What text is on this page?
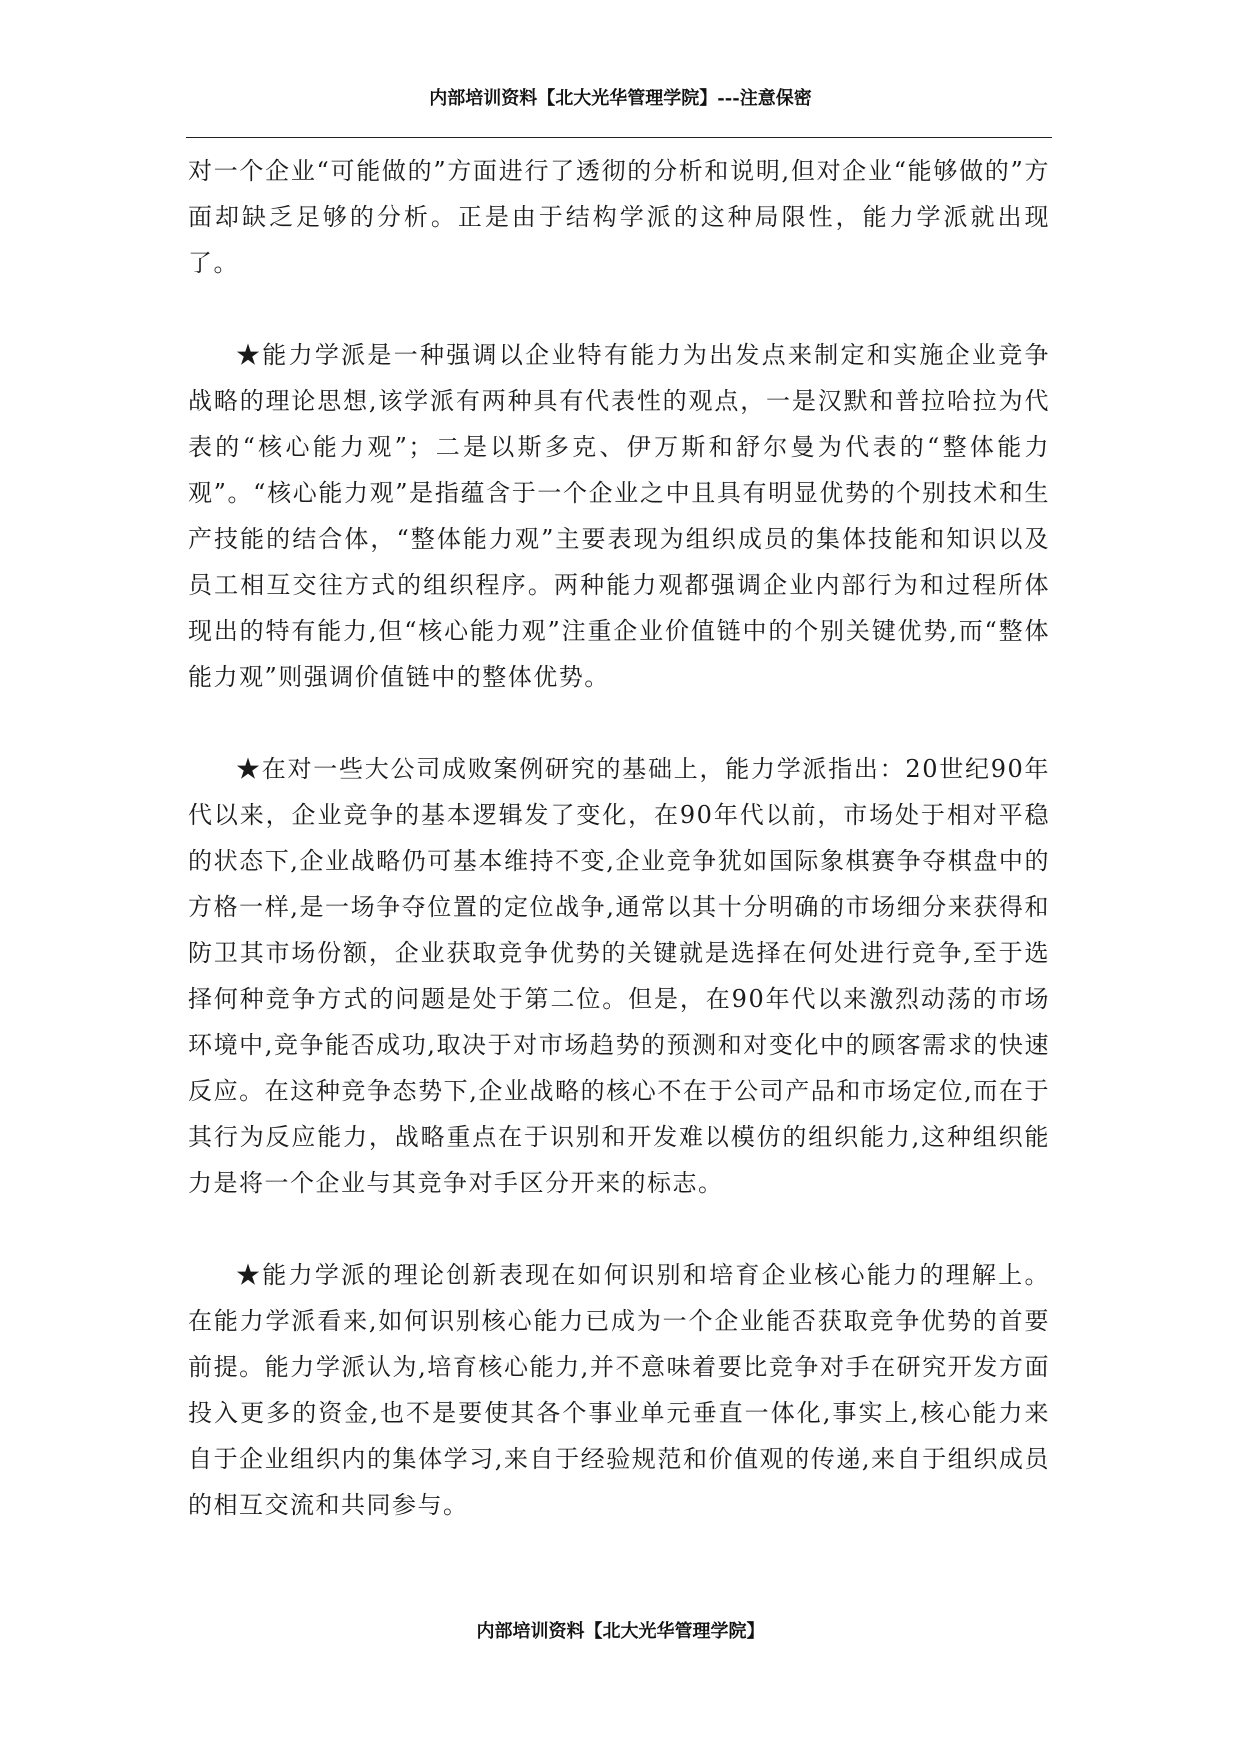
内部培训资料【北大光华管理学院】---注意保密

对一个企业“可能做的”方面进行了透彻的分析和说明,但对企业“能够做的”方面却缺乏足够的分析。正是由于结构学派的这种局限性，能力学派就出现了。

★能力学派是一种强调以企业特有能力为出发点来制定和实施企业竞争战略的理论思想,该学派有两种具有代表性的观点，一是汉默和普拉哈拉为代表的“核心能力观”；二是以斯多克、伊万斯和舒尔曼为代表的“整体能力观”。“核心能力观”是指蕴含于一个企业之中且具有明显优势的个别技术和生产技能的结合体，“整体能力观”主要表现为组织成员的集体技能和知识以及员工相互交往方式的组织程序。两种能力观都强调企业内部行为和过程所体现出的特有能力,但“核心能力观”注重企业价值链中的个别关键优势,而“整体能力观”则强调价值链中的整体优势。

★在对一些大公司成败案例研究的基础上，能力学派指出：20世纪90年代以来，企业竞争的基本逻辑发了变化，在90年代以前，市场处于相对平稳的状态下,企业战略仍可基本维持不变,企业竞争犹如国际象棋赛争夺棋盘中的方格一样,是一场争夺位置的定位战争,通常以其十分明确的市场细分来获得和防卫其市场份额，企业获取竞争优势的关键就是选择在何处进行竞争,至于选择何种竞争方式的问题是处于第二位。但是，在90年代以来激烈动荡的市场环境中,竞争能否成功,取决于对市场趋势的预测和对变化中的顾客需求的快速反应。在这种竞争态势下,企业战略的核心不在于公司产品和市场定位,而在于其行为反应能力，战略重点在于识别和开发难以模仿的组织能力,这种组织能力是将一个企业与其竞争对手区分开来的标志。

★能力学派的理论创新表现在如何识别和培育企业核心能力的理解上。在能力学派看来,如何识别核心能力已成为一个企业能否获取竞争优势的首要前提。能力学派认为,培育核心能力,并不意味着要比竞争对手在研究开发方面投入更多的资金,也不是要使其各个事业单元垂直一体化,事实上,核心能力来自于企业组织内的集体学习,来自于经验规范和价值观的传递,来自于组织成员的相互交流和共同参与。

内部培训资料【北大光华管理学院】
